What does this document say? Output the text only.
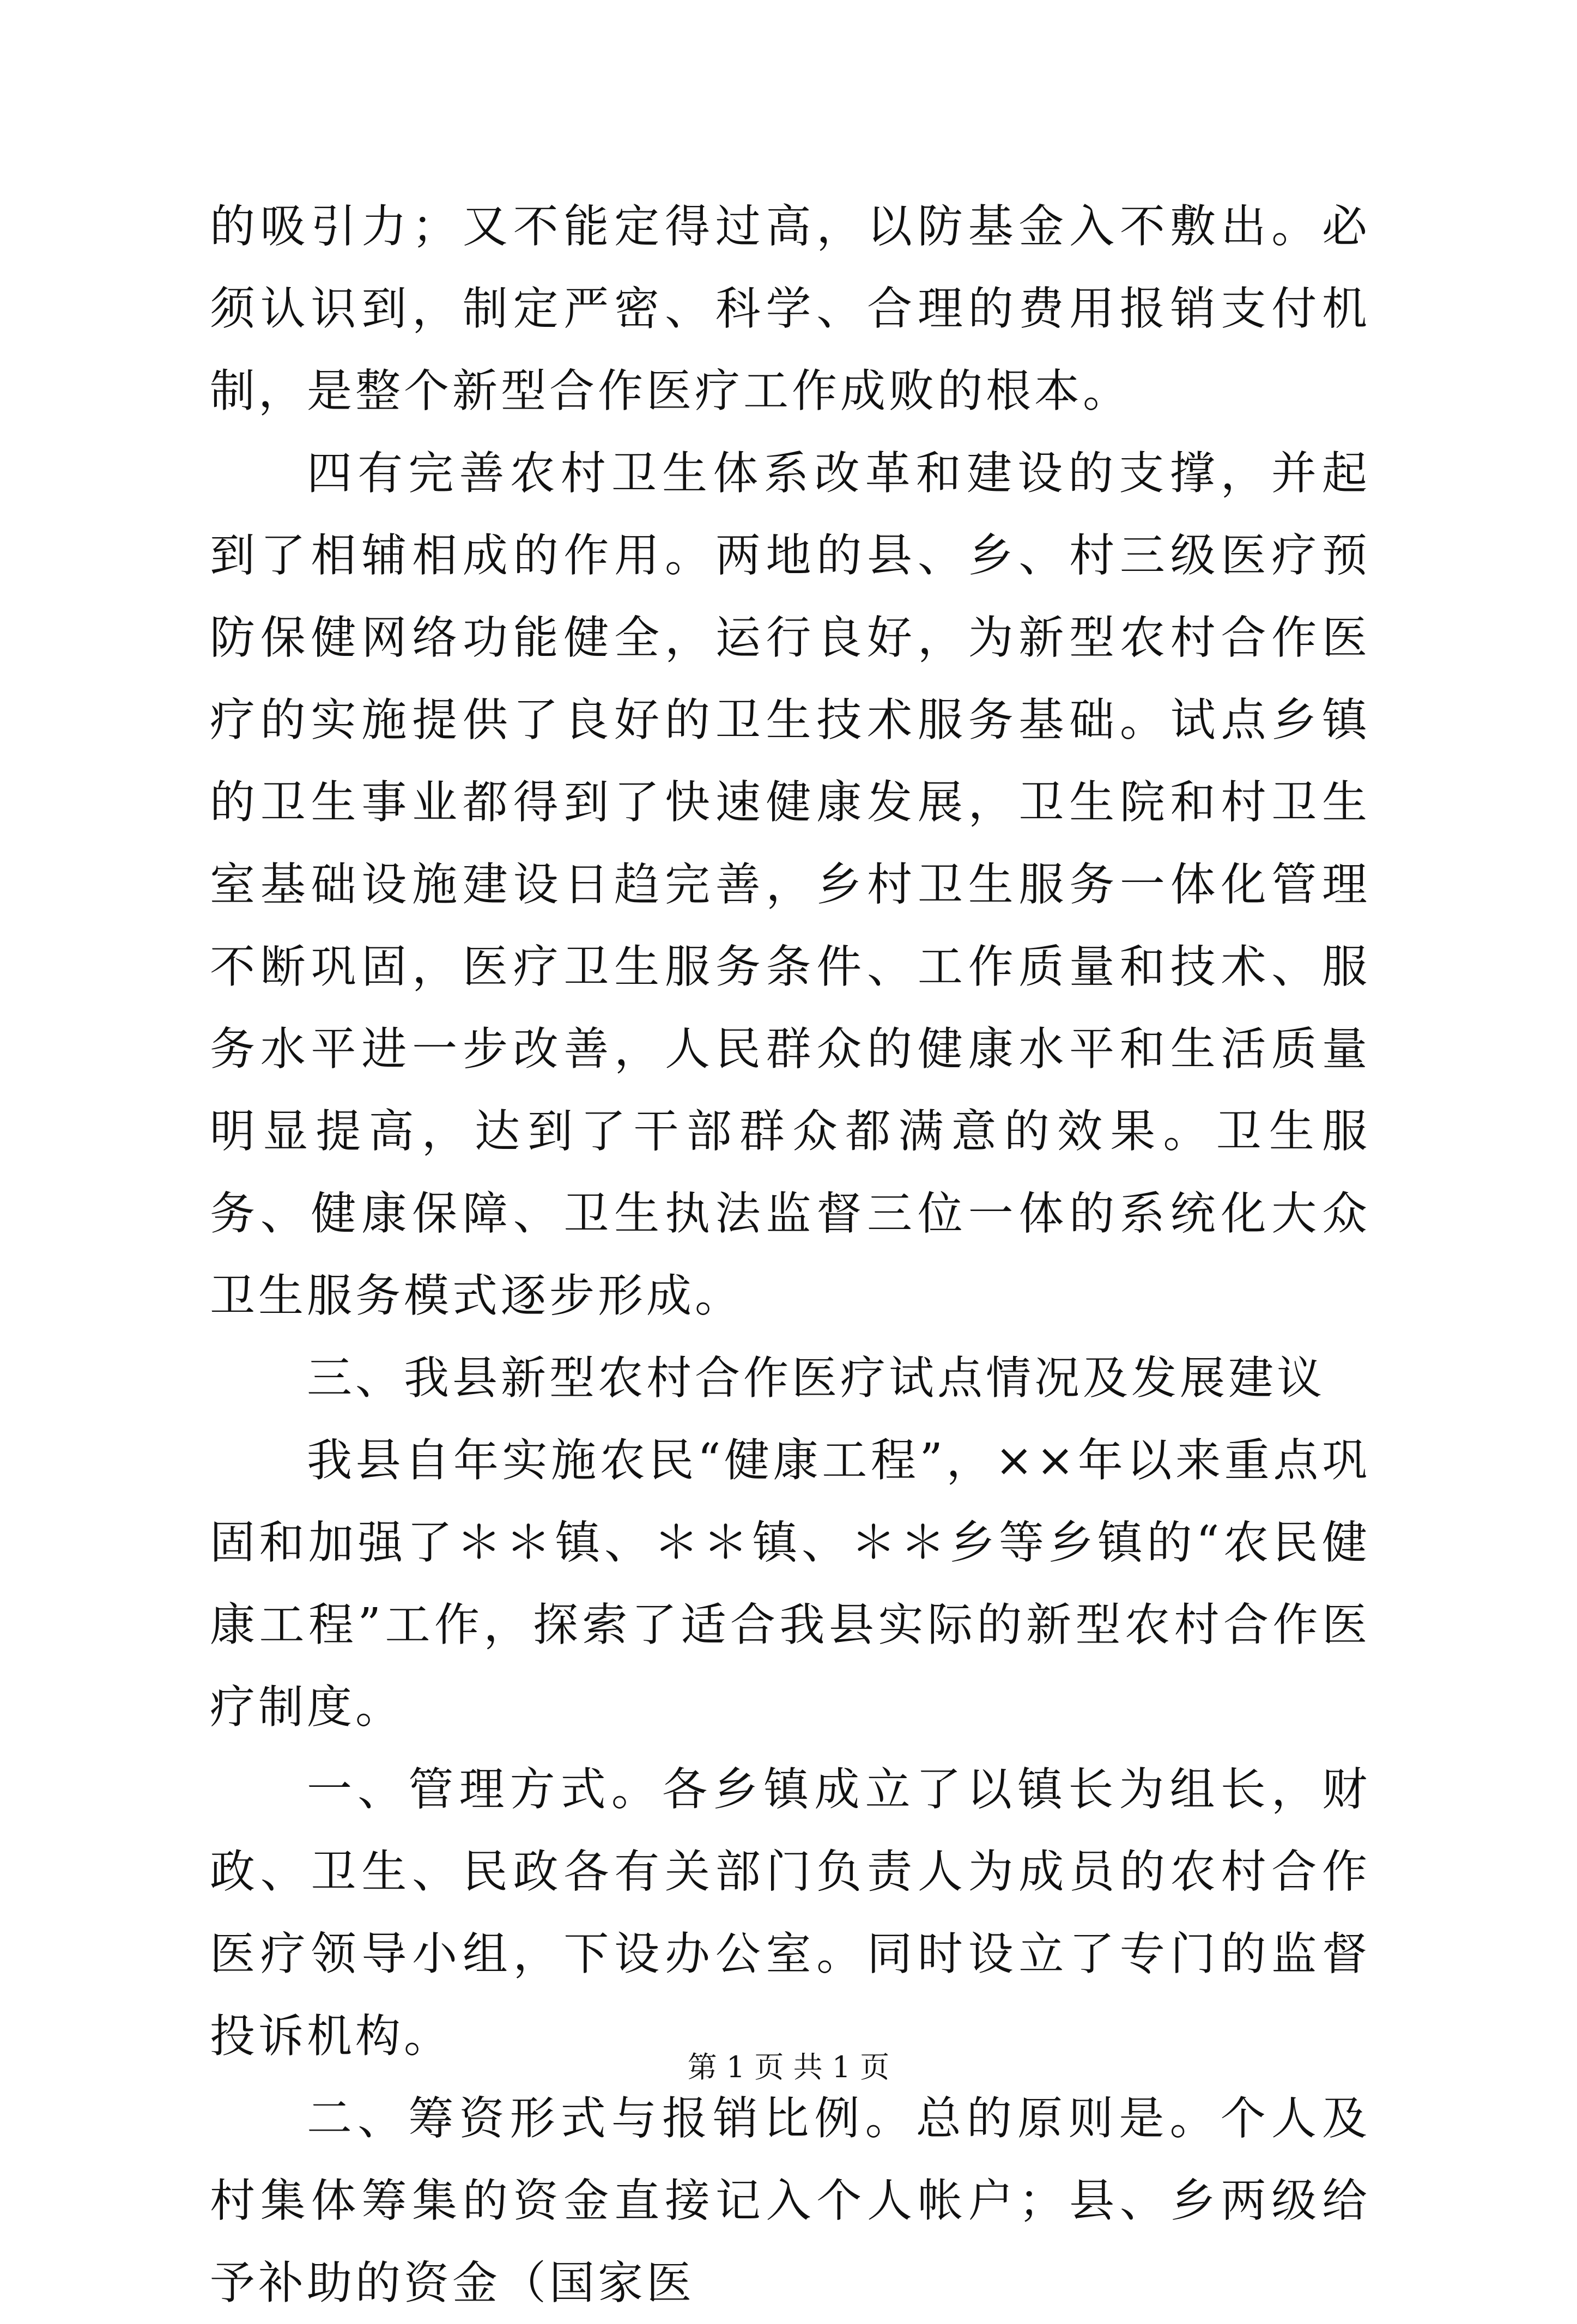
的吸引力；又不能定得过高，以防基金入不敷出。必须认识到，制定严密、科学、合理的费用报销支付机制，是整个新型合作医疗工作成败的根本。

四有完善农村卫生体系改革和建设的支撑，并起到了相辅相成的作用。两地的县、乡、村三级医疗预防保健网络功能健全，运行良好，为新型农村合作医疗的实施提供了良好的卫生技术服务基础。试点乡镇的卫生事业都得到了快速健康发展，卫生院和村卫生室基础设施建设日趋完善，乡村卫生服务一体化管理不断巩固，医疗卫生服务条件、工作质量和技术、服务水平进一步改善，人民群众的健康水平和生活质量明显提高，达到了干部群众都满意的效果。卫生服务、健康保障、卫生执法监督三位一体的系统化大众卫生服务模式逐步形成。

三、我县新型农村合作医疗试点情况及发展建议

我县自年实施农民“健康工程”，××年以来重点巩固和加强了＊＊镇、＊＊镇、＊＊乡等乡镇的“农民健康工程”工作，探索了适合我县实际的新型农村合作医疗制度。

一、管理方式。各乡镇成立了以镇长为组长，财政、卫生、民政各有关部门负责人为成员的农村合作医疗领导小组，下设办公室。同时设立了专门的监督投诉机构。

二、筹资形式与报销比例。总的原则是。个人及村集体筹集的资金直接记入个人帐户；县、乡两级给予补助的资金（国家医

第 1 页 共 1 页
